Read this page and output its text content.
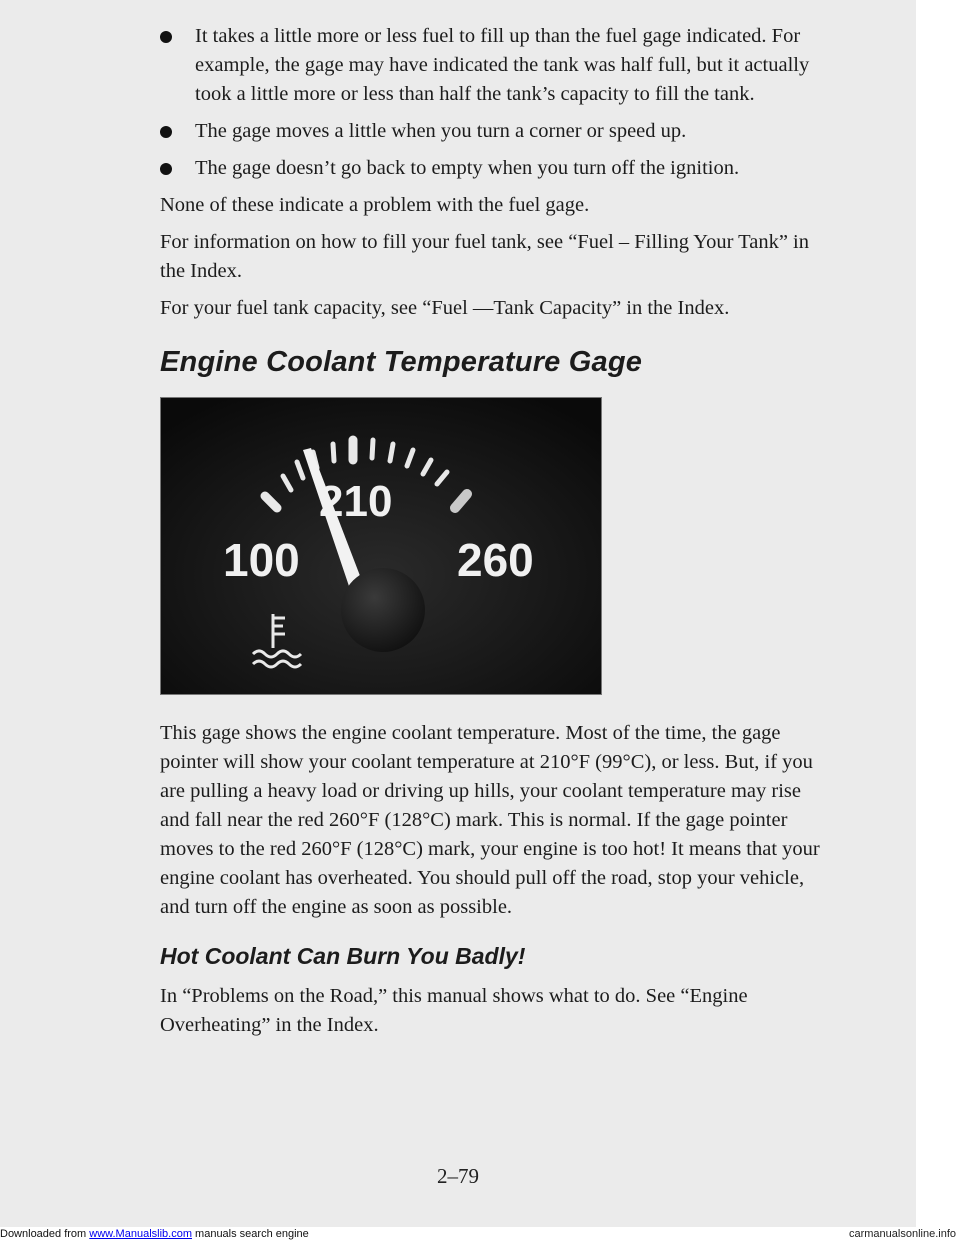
It takes a little more or less fuel to fill up than the fuel gage indicated. For example, the gage may have indicated the tank was half full, but it actually took a little more or less than half the tank’s capacity to fill the tank.
The gage moves a little when you turn a corner or speed up.
The gage doesn’t go back to empty when you turn off the ignition.

None of these indicate a problem with the fuel gage.

For information on how to fill your fuel tank, see “Fuel – Filling Your Tank” in the Index.

For your fuel tank capacity, see “Fuel —Tank Capacity” in the Index.

Engine Coolant Temperature Gage
100
210
260

This gage shows the engine coolant temperature. Most of the time, the gage pointer will show your coolant temperature at 210°F (99°C), or less. But, if you are pulling a heavy load or driving up hills, your coolant temperature may rise and fall near the red 260°F (128°C) mark. This is normal. If the gage pointer moves to the red 260°F (128°C) mark, your engine is too hot! It means that your engine coolant has overheated. You should pull off the road, stop your vehicle, and turn off the engine as soon as possible.

Hot Coolant Can Burn You Badly!

In “Problems on the Road,” this manual shows what to do. See “Engine Overheating” in the Index.

2–79
Downloaded from www.Manualslib.com manuals search engine	carmanualsonline.info
